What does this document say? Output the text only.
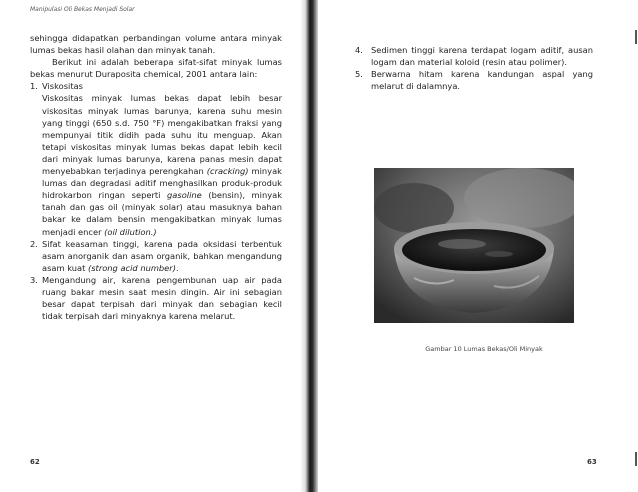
Manipulasi Oli Bekas Menjadi Solar

sehingga didapatkan perbandingan volume antara minyak lumas bekas hasil olahan dan minyak tanah.

Berikut ini adalah beberapa sifat-sifat minyak lumas bekas menurut Duraposita chemical, 2001 antara lain:

1. Viskositas

Viskositas minyak lumas bekas dapat lebih besar viskositas minyak lumas barunya, karena suhu mesin yang tinggi (650 s.d. 750 °F) mengakibatkan fraksi yang mempunyai titik didih pada suhu itu menguap. Akan tetapi viskositas minyak lumas bekas dapat lebih kecil dari minyak lumas barunya, karena panas mesin dapat menyebabkan terjadinya perengkahan (cracking) minyak lumas dan degradasi aditif menghasilkan produk-produk hidrokarbon ringan seperti gasoline (bensin), minyak tanah dan gas oil (minyak solar) atau masuknya bahan bakar ke dalam bensin mengakibatkan minyak lumas menjadi encer (oil dilution.)

2. Sifat keasaman tinggi, karena pada oksidasi terbentuk asam anorganik dan asam organik, bahkan mengandung asam kuat (strong acid number).

3. Mengandung air, karena pengembunan uap air pada ruang bakar mesin saat mesin dingin. Air ini sebagian besar dapat terpisah dari minyak dan sebagian kecil tidak terpisah dari minyaknya karena melarut.

62
4. Sedimen tinggi karena terdapat logam aditif, ausan logam dan material koloid (resin atau polimer).

5. Berwarna hitam karena kandungan aspal yang melarut di dalamnya.

Gambar 10 Lumas Bekas/Oli Minyak
63
